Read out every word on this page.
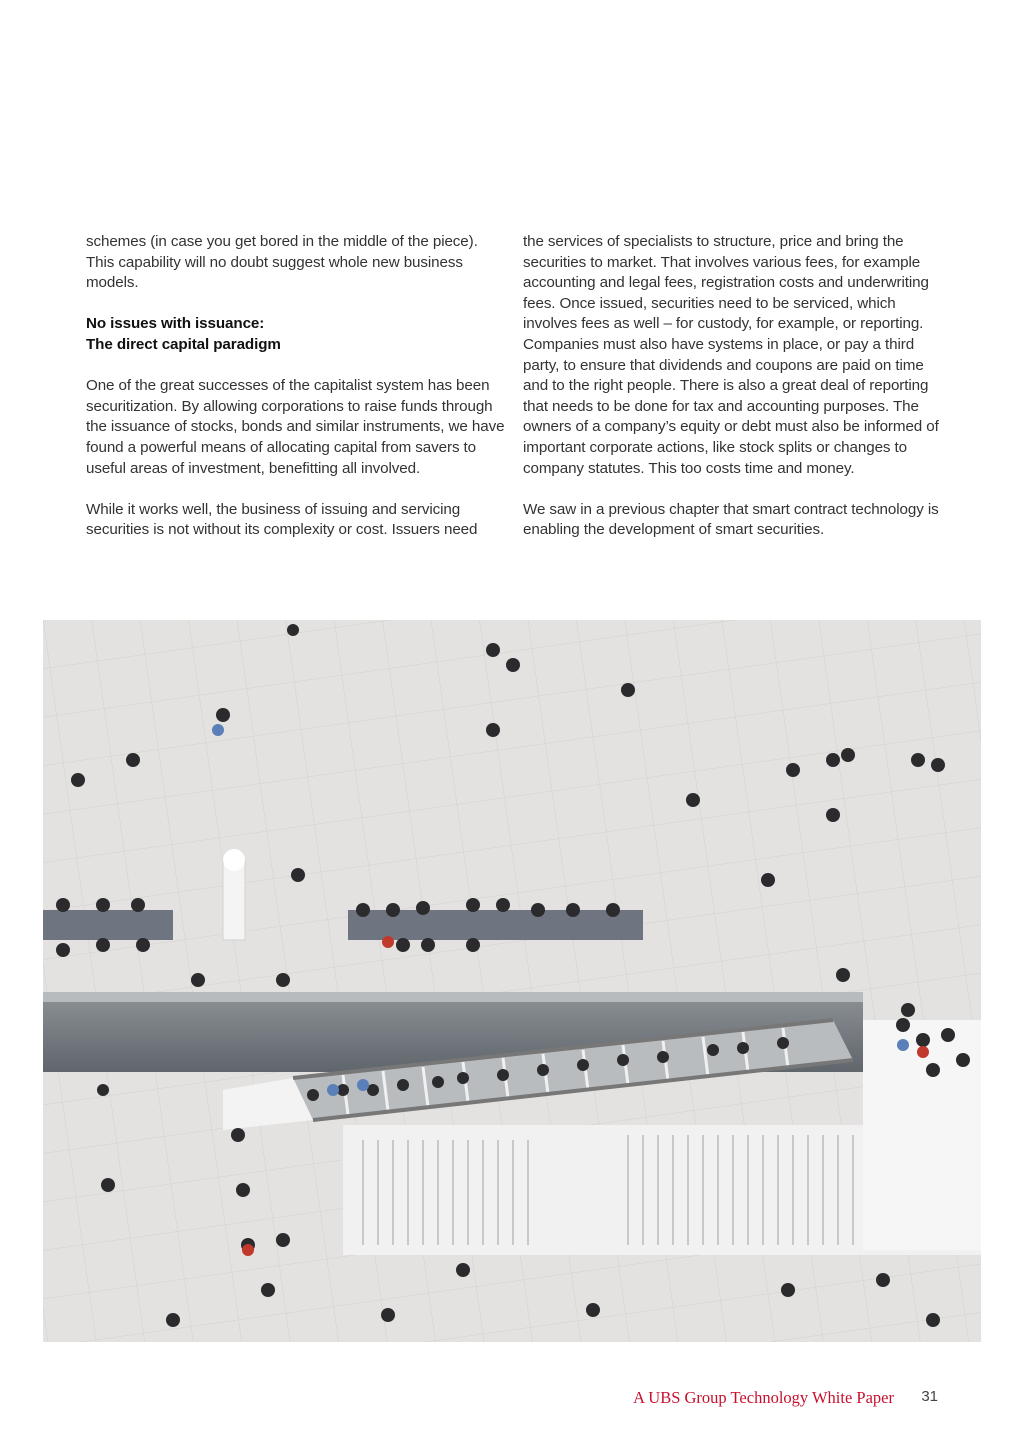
schemes (in case you get bored in the middle of the piece). This capability will no doubt suggest whole new business models.

No issues with issuance:
The direct capital paradigm

One of the great successes of the capitalist system has been securitization. By allowing corporations to raise funds through the issuance of stocks, bonds and similar instruments, we have found a powerful means of allocating capital from savers to useful areas of investment, benefitting all involved.

While it works well, the business of issuing and servicing securities is not without its complexity or cost. Issuers need

the services of specialists to structure, price and bring the securities to market. That involves various fees, for example accounting and legal fees, registration costs and underwriting fees. Once issued, securities need to be serviced, which involves fees as well – for custody, for example, or reporting. Companies must also have systems in place, or pay a third party, to ensure that dividends and coupons are paid on time and to the right people. There is also a great deal of reporting that needs to be done for tax and accounting purposes. The owners of a company’s equity or debt must also be informed of important corporate actions, like stock splits or changes to company statutes. This too costs time and money.

We saw in a previous chapter that smart contract technology is enabling the development of smart securities.

A UBS Group Technology White Paper 31
